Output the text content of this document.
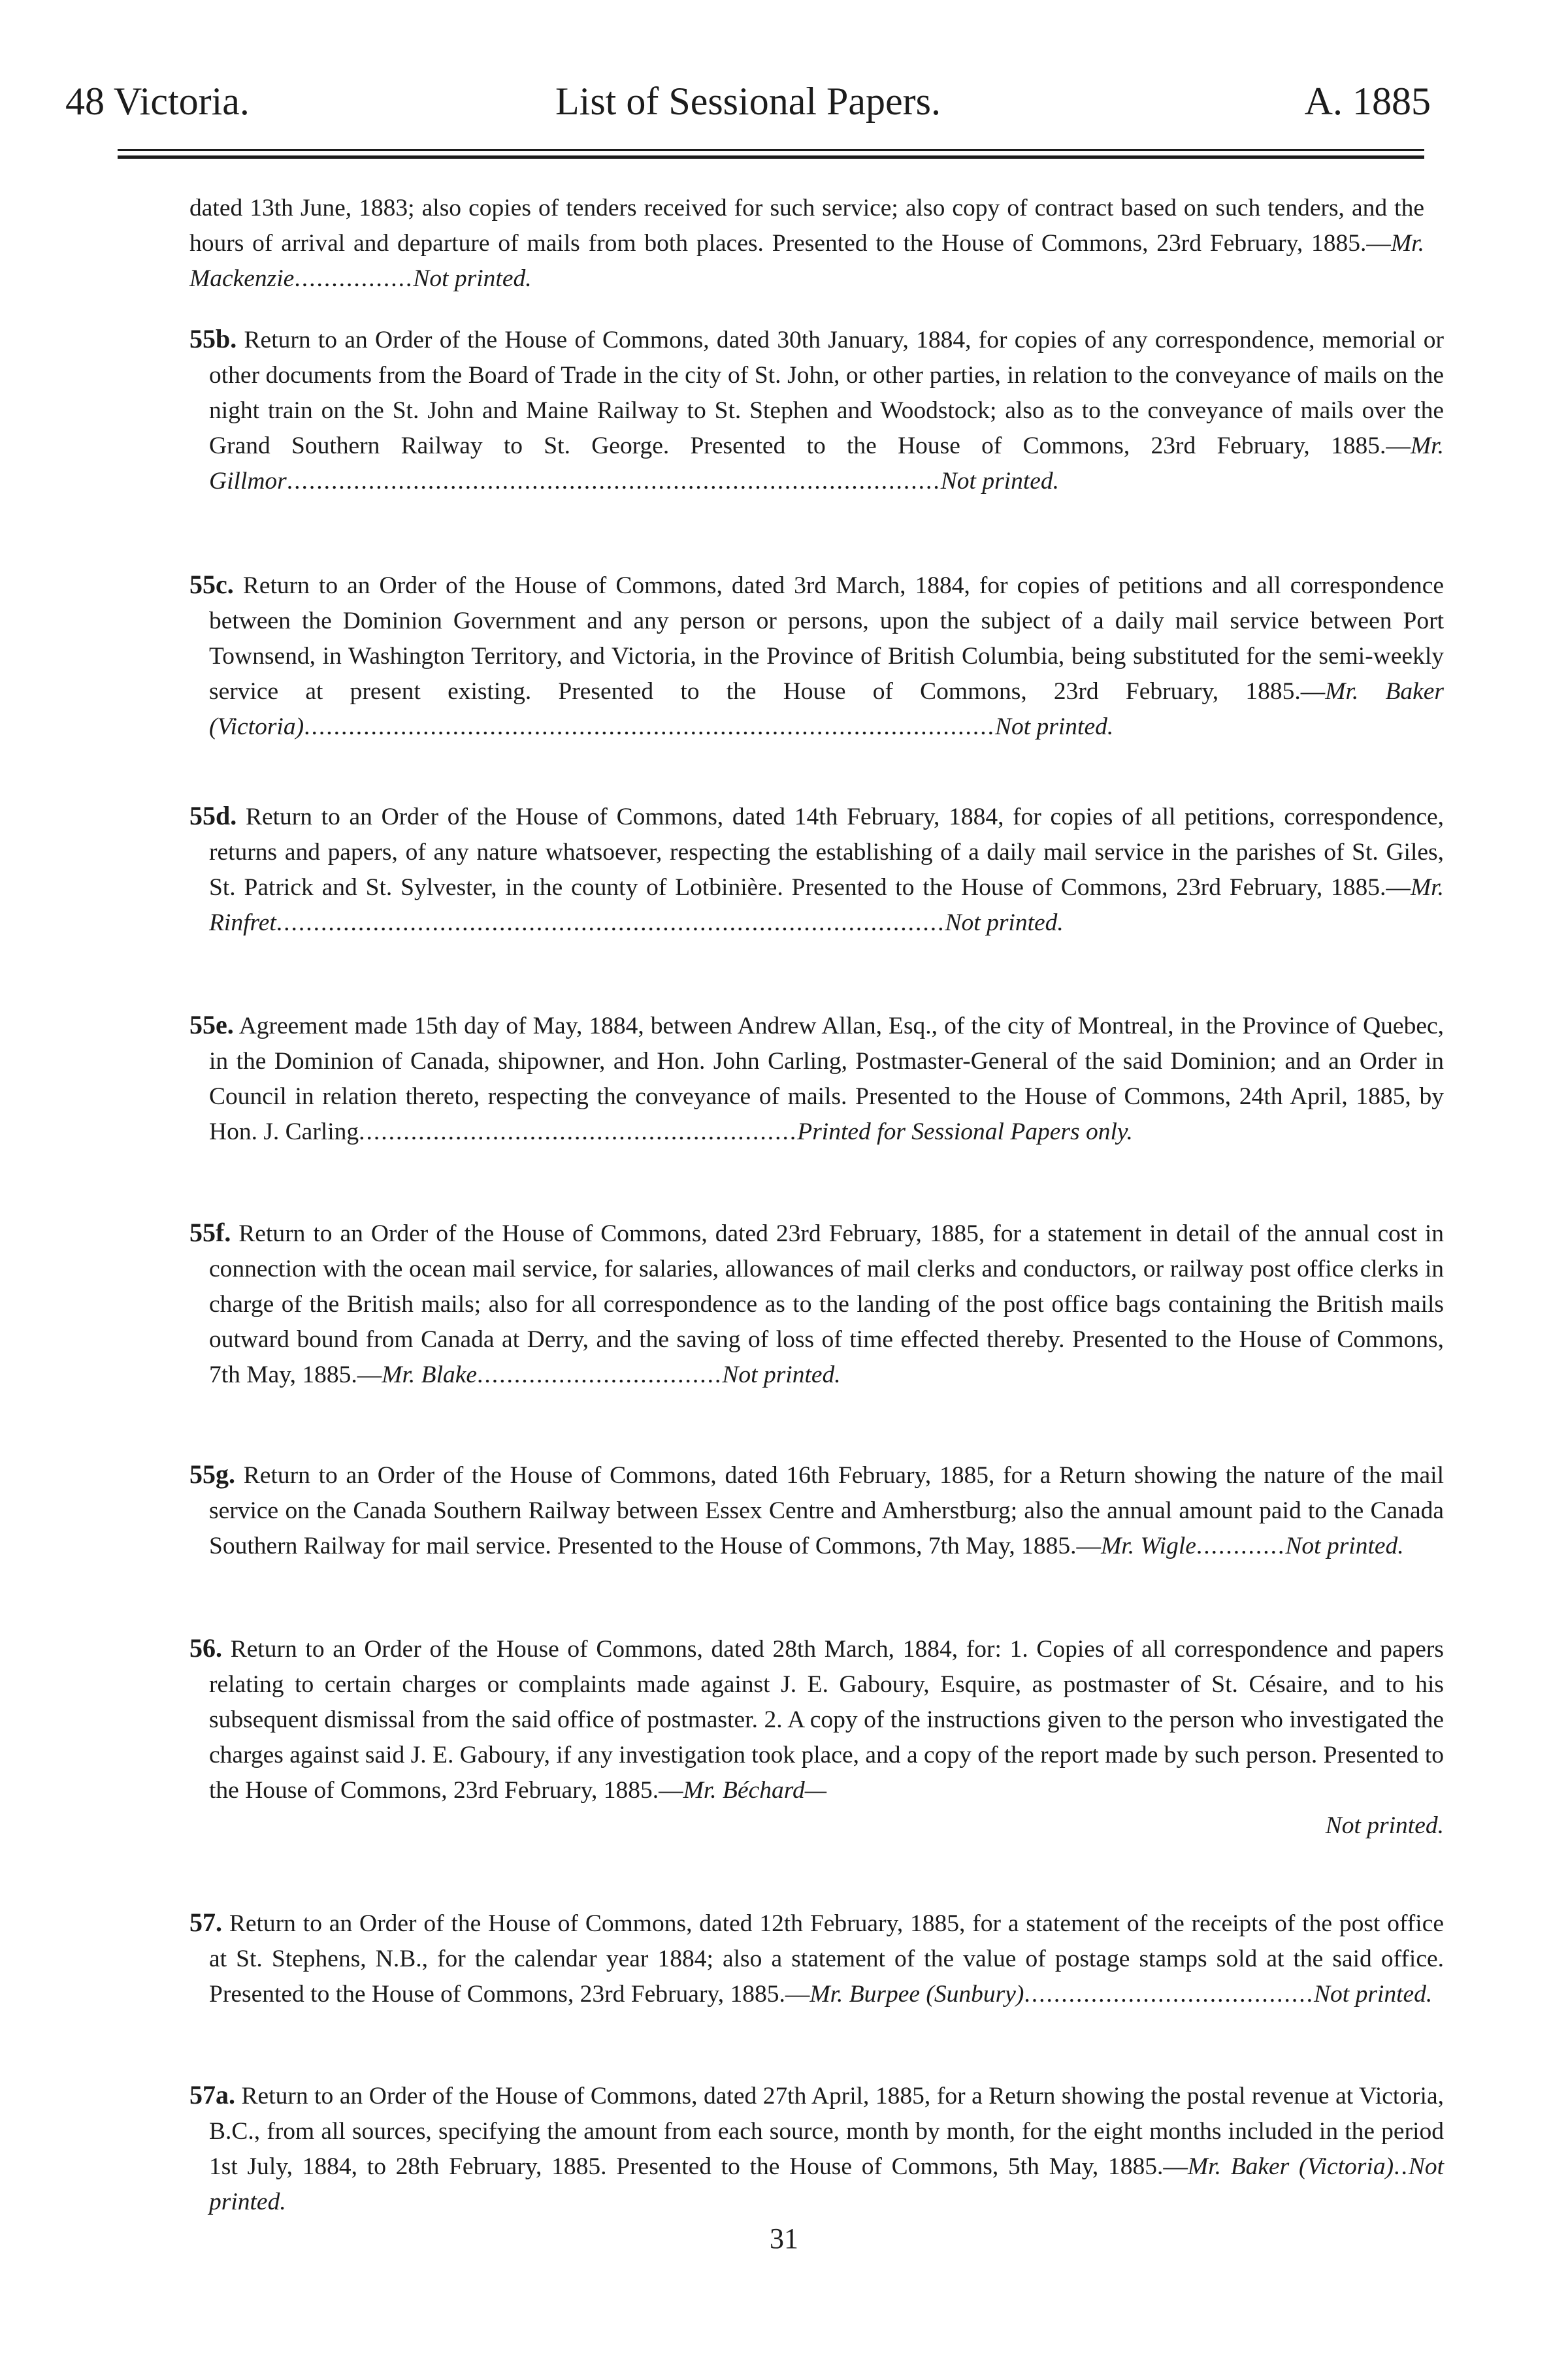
48 Victoria.	List of Sessional Papers.	A. 1885
dated 13th June, 1883; also copies of tenders received for such service; also copy of contract based on such tenders, and the hours of arrival and departure of mails from both places. Presented to the House of Commons, 23rd February, 1885.—Mr. Mackenzie................Not printed.
55b. Return to an Order of the House of Commons, dated 30th January, 1884, for copies of any correspondence, memorial or other documents from the Board of Trade in the city of St. John, or other parties, in relation to the conveyance of mails on the night train on the St. John and Maine Railway to St. Stephen and Woodstock; also as to the conveyance of mails over the Grand Southern Railway to St. George. Presented to the House of Commons, 23rd February, 1885.—Mr. Gillmor........................................................................................Not printed.
55c. Return to an Order of the House of Commons, dated 3rd March, 1884, for copies of petitions and all correspondence between the Dominion Government and any person or persons, upon the subject of a daily mail service between Port Townsend, in Washington Territory, and Victoria, in the Province of British Columbia, being substituted for the semi-weekly service at present existing. Presented to the House of Commons, 23rd February, 1885.—Mr. Baker (Victoria).............................................................................................Not printed.
55d. Return to an Order of the House of Commons, dated 14th February, 1884, for copies of all petitions, correspondence, returns and papers, of any nature whatsoever, respecting the establishing of a daily mail service in the parishes of St. Giles, St. Patrick and St. Sylvester, in the county of Lotbinière. Presented to the House of Commons, 23rd February, 1885.—Mr. Rinfret..........................................................................................Not printed.
55e. Agreement made 15th day of May, 1884, between Andrew Allan, Esq., of the city of Montreal, in the Province of Quebec, in the Dominion of Canada, shipowner, and Hon. John Carling, Postmaster-General of the said Dominion; and an Order in Council in relation thereto, respecting the conveyance of mails. Presented to the House of Commons, 24th April, 1885, by Hon. J. Carling...........................................................Printed for Sessional Papers only.
55f. Return to an Order of the House of Commons, dated 23rd February, 1885, for a statement in detail of the annual cost in connection with the ocean mail service, for salaries, allowances of mail clerks and conductors, or railway post office clerks in charge of the British mails; also for all correspondence as to the landing of the post office bags containing the British mails outward bound from Canada at Derry, and the saving of loss of time effected thereby. Presented to the House of Commons, 7th May, 1885.—Mr. Blake.................................Not printed.
55g. Return to an Order of the House of Commons, dated 16th February, 1885, for a Return showing the nature of the mail service on the Canada Southern Railway between Essex Centre and Amherstburg; also the annual amount paid to the Canada Southern Railway for mail service. Presented to the House of Commons, 7th May, 1885.—Mr. Wigle............Not printed.
56. Return to an Order of the House of Commons, dated 28th March, 1884, for: 1. Copies of all correspondence and papers relating to certain charges or complaints made against J. E. Gaboury, Esquire, as postmaster of St. Césaire, and to his subsequent dismissal from the said office of postmaster. 2. A copy of the instructions given to the person who investigated the charges against said J. E. Gaboury, if any investigation took place, and a copy of the report made by such person. Presented to the House of Commons, 23rd February, 1885.—Mr. Béchard—
Not printed.
57. Return to an Order of the House of Commons, dated 12th February, 1885, for a statement of the receipts of the post office at St. Stephens, N.B., for the calendar year 1884; also a statement of the value of postage stamps sold at the said office. Presented to the House of Commons, 23rd February, 1885.—Mr. Burpee (Sunbury).......................................Not printed.
57a. Return to an Order of the House of Commons, dated 27th April, 1885, for a Return showing the postal revenue at Victoria, B.C., from all sources, specifying the amount from each source, month by month, for the eight months included in the period 1st July, 1884, to 28th February, 1885. Presented to the House of Commons, 5th May, 1885.—Mr. Baker (Victoria)..Not printed.
31
